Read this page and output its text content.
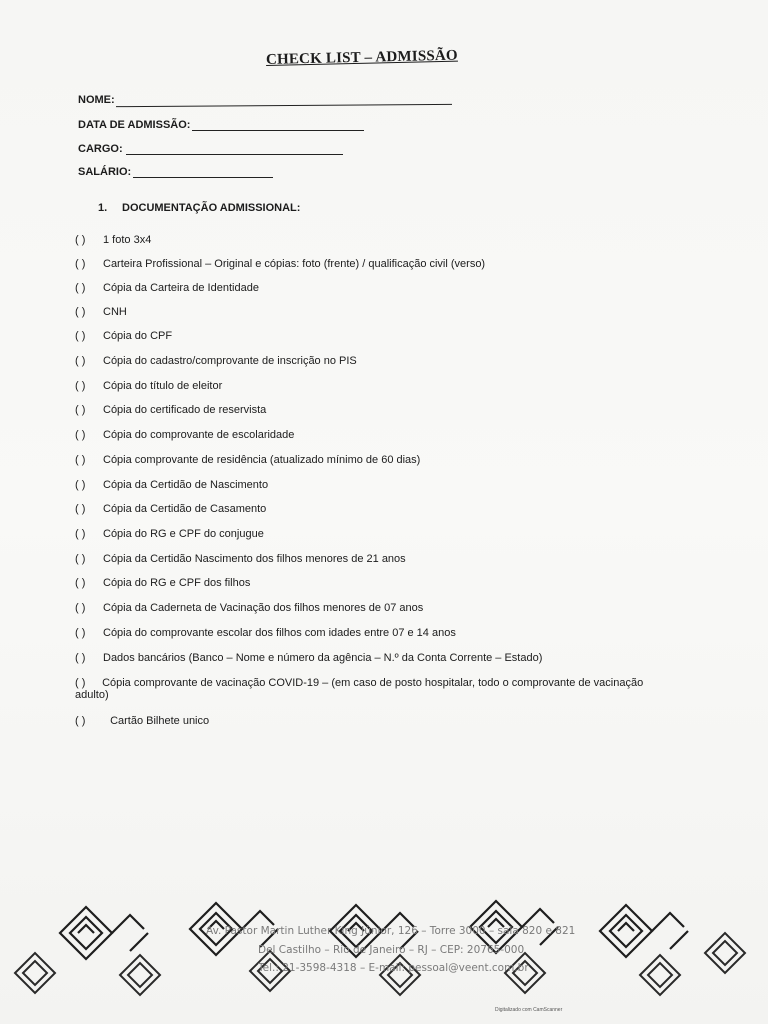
CHECK LIST – ADMISSÃO
NOME:
DATA DE ADMISSÃO:
CARGO:
SALÁRIO:
1. DOCUMENTAÇÃO ADMISSIONAL:
( ) 1 foto 3x4
( ) Carteira Profissional – Original e cópias: foto (frente) / qualificação civil (verso)
( ) Cópia da Carteira de Identidade
( ) CNH
( ) Cópia do CPF
( ) Cópia do cadastro/comprovante de inscrição no PIS
( ) Cópia do título de eleitor
( ) Cópia do certificado de reservista
( ) Cópia do comprovante de escolaridade
( ) Cópia comprovante de residência (atualizado mínimo de 60 dias)
( ) Cópia da Certidão de Nascimento
( ) Cópia da Certidão de Casamento
( ) Cópia do RG e CPF do conjugue
( ) Cópia da Certidão Nascimento dos filhos menores de 21 anos
( ) Cópia do RG e CPF dos filhos
( ) Cópia da Caderneta de Vacinação dos filhos menores de 07 anos
( ) Cópia do comprovante escolar dos filhos com idades entre 07 e 14 anos
( ) Dados bancários (Banco – Nome e número da agência – N.º da Conta Corrente – Estado)
( ) Cópia comprovante de vacinação COVID-19 – (em caso de posto hospitalar, todo o comprovante de vacinação
adulto)
( ) Cartão Bilhete unico
Av. Pastor Martin Luther King Júnior, 126 – Torre 3000 – sala 820 e 821
Del Castilho – Rio de Janeiro – RJ – CEP: 20765-000
Tel.: 21-3598-4318 – E-mail: pessoal@veent.com.br
Digitalizado com CamScanner
